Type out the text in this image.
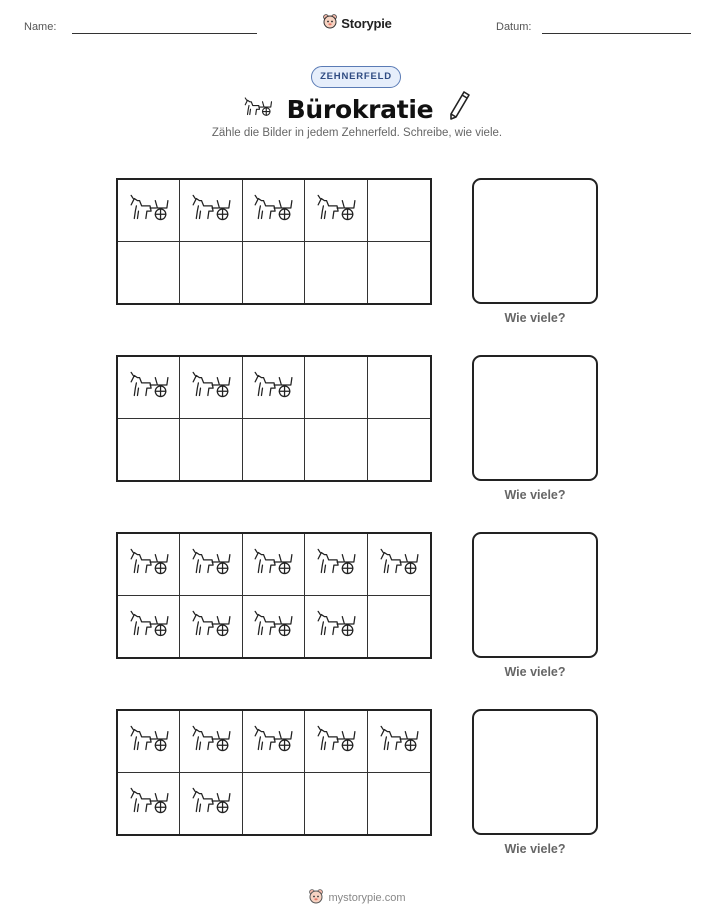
Name:	Storypie	Datum:
ZEHNERFELD
Bürokratie
Zähle die Bilder in jedem Zehnerfeld. Schreibe, wie viele.
Wie viele?
Wie viele?
Wie viele?
Wie viele?
mystorypie.com
